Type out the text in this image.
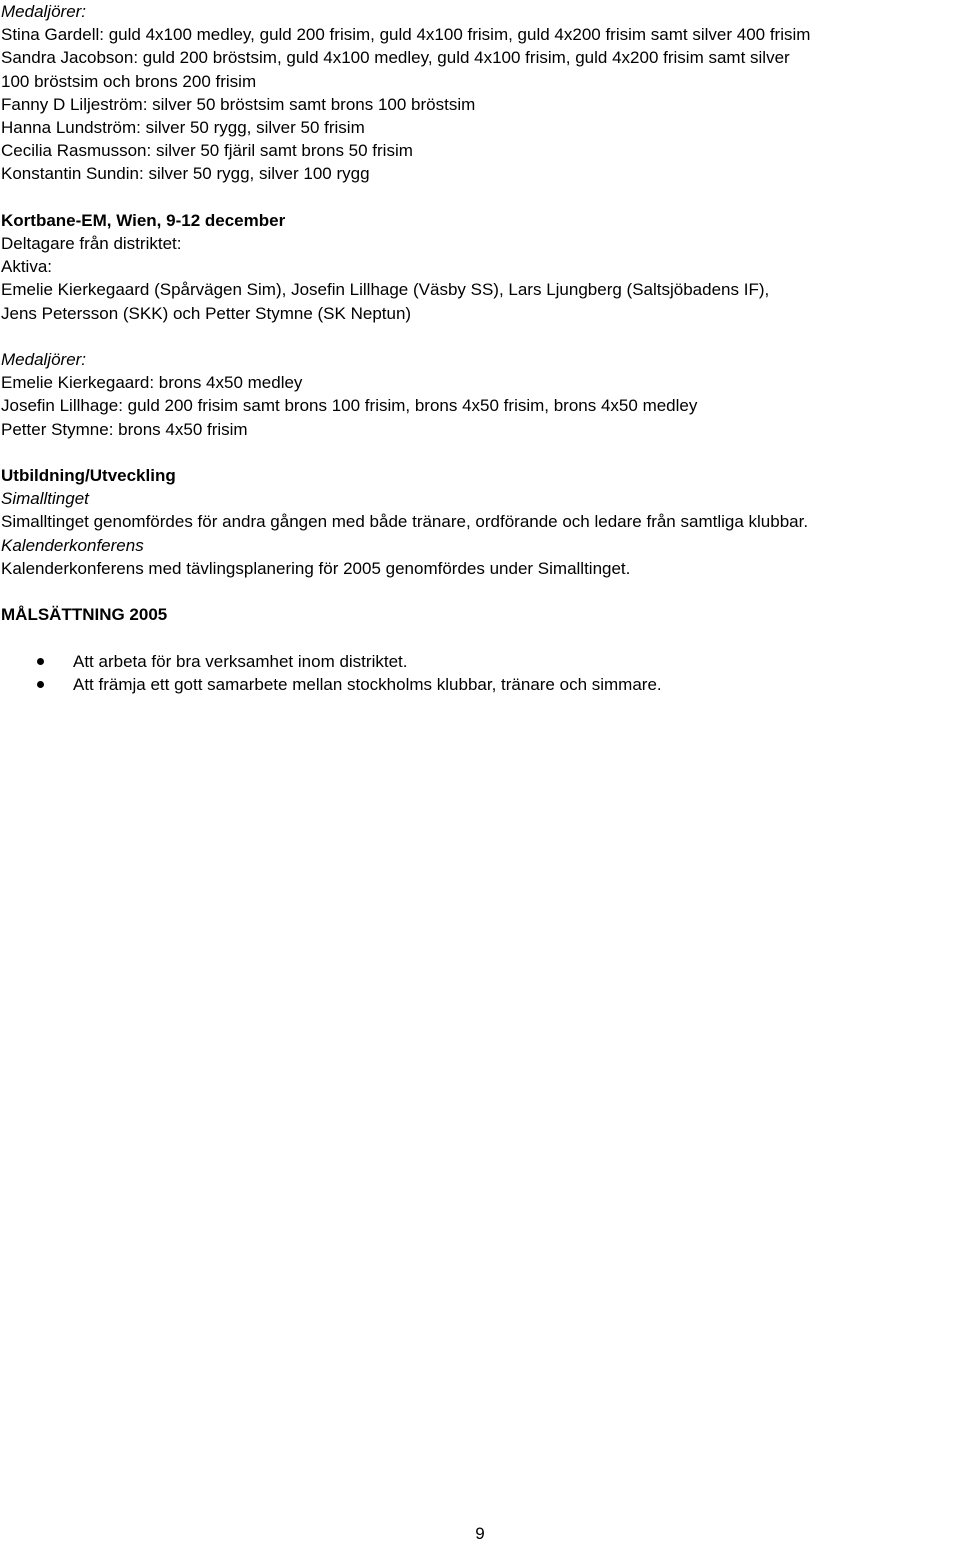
Medaljörer:
Stina Gardell: guld 4x100 medley, guld 200 frisim, guld 4x100 frisim, guld 4x200 frisim samt silver 400 frisim
Sandra Jacobson: guld 200 bröstsim, guld 4x100 medley, guld 4x100 frisim, guld 4x200 frisim samt silver
100 bröstsim och brons 200 frisim
Fanny D Liljeström: silver 50 bröstsim samt brons 100 bröstsim
Hanna Lundström: silver 50 rygg, silver 50 frisim
Cecilia Rasmusson: silver 50 fjäril samt brons 50 frisim
Konstantin Sundin: silver 50 rygg, silver 100 rygg
Kortbane-EM, Wien, 9-12 december
Deltagare från distriktet:
Aktiva:
Emelie Kierkegaard (Spårvägen Sim), Josefin Lillhage (Väsby SS), Lars Ljungberg (Saltsjöbadens IF),
Jens Petersson (SKK) och Petter Stymne (SK Neptun)
Medaljörer:
Emelie Kierkegaard: brons 4x50 medley
Josefin Lillhage: guld 200 frisim samt brons 100 frisim, brons 4x50 frisim, brons 4x50 medley
Petter Stymne: brons 4x50 frisim
Utbildning/Utveckling
Simalltinget
Simalltinget genomfördes för andra gången med både tränare, ordförande och ledare från samtliga klubbar.
Kalenderkonferens
Kalenderkonferens med tävlingsplanering för 2005 genomfördes under Simalltinget.
MÅLSÄTTNING 2005
Att arbeta för bra verksamhet inom distriktet.
Att främja ett gott samarbete mellan stockholms klubbar, tränare och simmare.
9
